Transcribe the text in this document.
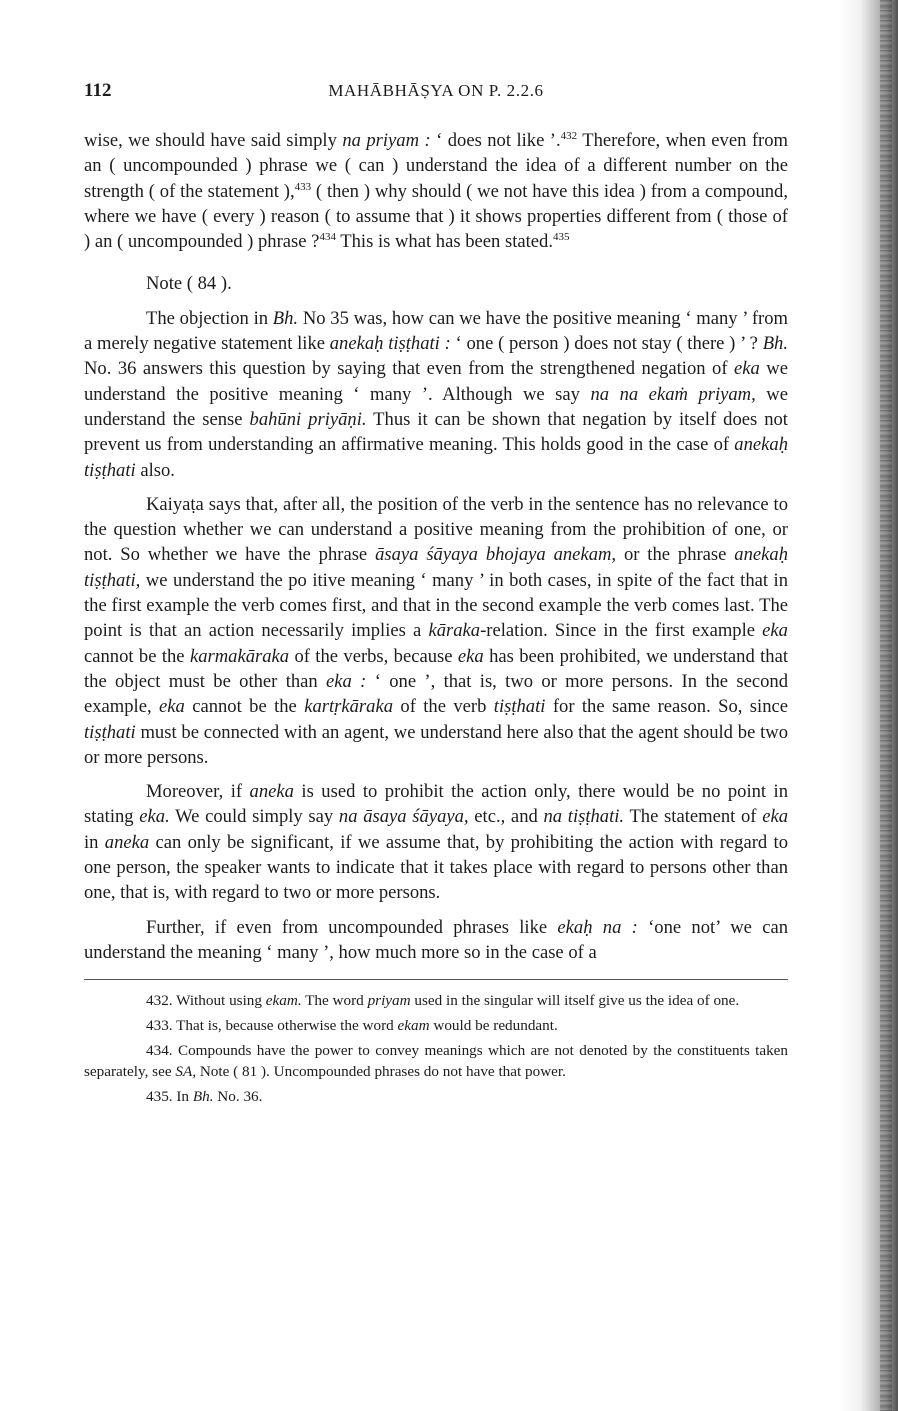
112	MAHĀBHĀṢYA ON P. 2.2.6

wise, we should have said simply na priyam : ‘ does not like ’.$^{432}$ Therefore, when even from an ( uncompounded ) phrase we ( can ) understand the idea of a different number on the strength ( of the statement ),$^{433}$ ( then ) why should ( we not have this idea ) from a compound, where we have ( every ) reason ( to assume that ) it shows properties different from ( those of ) an ( uncompounded ) phrase ?$^{434}$ This is what has been stated.$^{435}$

Note ( 84 ).

The objection in Bh. No 35 was, how can we have the positive meaning ‘ many ’ from a merely negative statement like anekaḥ tiṣṭhati : ‘ one ( person ) does not stay ( there ) ’ ? Bh. No. 36 answers this question by saying that even from the strengthened negation of eka we understand the positive meaning ‘ many ’. Although we say na na ekaṁ priyam, we understand the sense bahūni priyāṇi. Thus it can be shown that negation by itself does not prevent us from understanding an affirmative meaning. This holds good in the case of anekaḥ tiṣṭhati also.

Kaiyaṭa says that, after all, the position of the verb in the sentence has no relevance to the question whether we can understand a positive meaning from the prohibition of one, or not. So whether we have the phrase āsaya śāyaya bhojaya anekam, or the phrase anekaḥ tiṣṭhati, we understand the po itive meaning ‘ many ’ in both cases, in spite of the fact that in the first example the verb comes first, and that in the second example the verb comes last. The point is that an action necessarily implies a kāraka-relation. Since in the first example eka cannot be the karmakāraka of the verbs, because eka has been prohibited, we understand that the object must be other than eka : ‘ one ’, that is, two or more persons. In the second example, eka cannot be the kartṛkāraka of the verb tiṣṭhati for the same reason. So, since tiṣṭhati must be connected with an agent, we understand here also that the agent should be two or more persons.

Moreover, if aneka is used to prohibit the action only, there would be no point in stating eka. We could simply say na āsaya śāyaya, etc., and na tiṣṭhati. The statement of eka in aneka can only be significant, if we assume that, by prohibiting the action with regard to one person, the speaker wants to indicate that it takes place with regard to persons other than one, that is, with regard to two or more persons.

Further, if even from uncompounded phrases like ekaḥ na : ‘one not’ we can understand the meaning ‘ many ’, how much more so in the case of a

432. Without using ekam. The word priyam used in the singular will itself give us the idea of one.

433. That is, because otherwise the word ekam would be redundant.

434. Compounds have the power to convey meanings which are not denoted by the constituents taken separately, see SA, Note ( 81 ). Uncompounded phrases do not have that power.

435. In Bh. No. 36.
